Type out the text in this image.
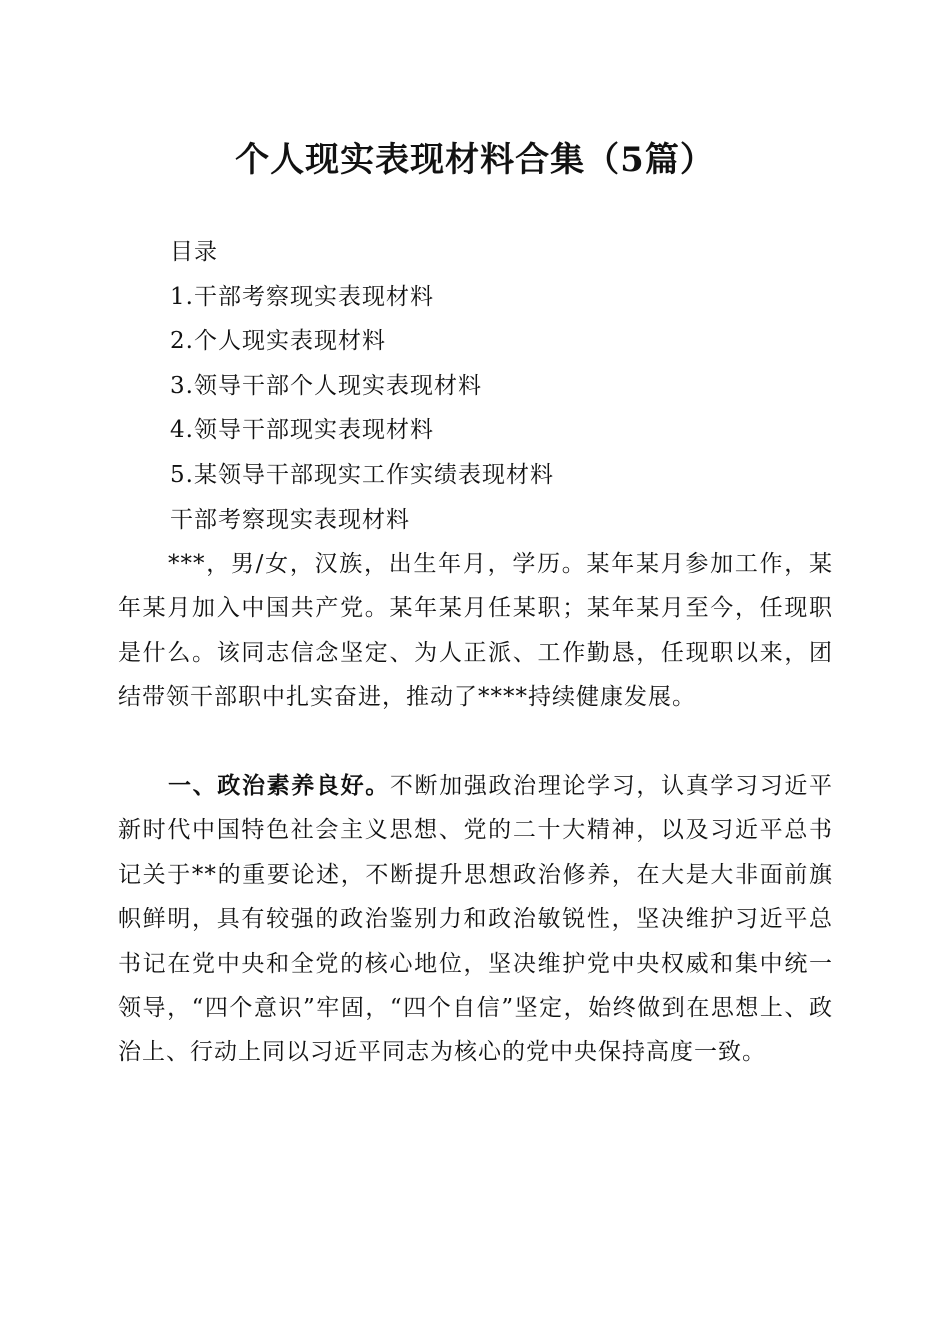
个人现实表现材料合集（5篇）
目录
1.干部考察现实表现材料
2.个人现实表现材料
3.领导干部个人现实表现材料
4.领导干部现实表现材料
5.某领导干部现实工作实绩表现材料
干部考察现实表现材料

***，男/女，汉族，出生年月，学历。某年某月参加工作，某年某月加入中国共产党。某年某月任某职；某年某月至今，任现职是什么。该同志信念坚定、为人正派、工作勤恳，任现职以来，团结带领干部职中扎实奋进，推动了****持续健康发展。

一、政治素养良好。不断加强政治理论学习，认真学习习近平新时代中国特色社会主义思想、党的二十大精神，以及习近平总书记关于**的重要论述，不断提升思想政治修养，在大是大非面前旗帜鲜明，具有较强的政治鉴别力和政治敏锐性，坚决维护习近平总书记在党中央和全党的核心地位，坚决维护党中央权威和集中统一领导，“四个意识”牢固，“四个自信”坚定，始终做到在思想上、政治上、行动上同以习近平同志为核心的党中央保持高度一致。
